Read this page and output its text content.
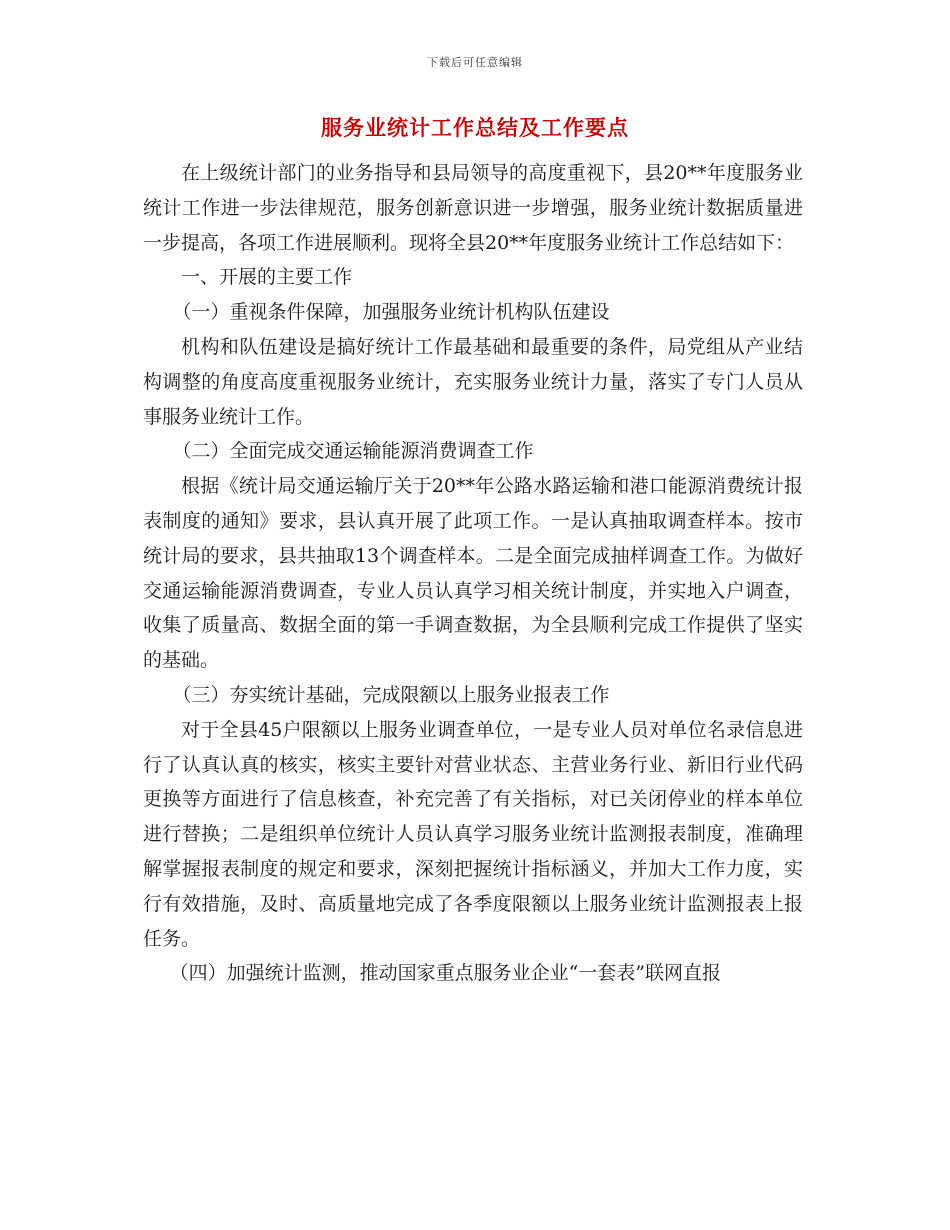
下载后可任意编辑
服务业统计工作总结及工作要点

在上级统计部门的业务指导和县局领导的高度重视下，县20**年度服务业统计工作进一步法律规范，服务创新意识进一步增强，服务业统计数据质量进一步提高，各项工作进展顺利。现将全县20**年度服务业统计工作总结如下：

一、开展的主要工作

（一）重视条件保障，加强服务业统计机构队伍建设

机构和队伍建设是搞好统计工作最基础和最重要的条件，局党组从产业结构调整的角度高度重视服务业统计，充实服务业统计力量，落实了专门人员从事服务业统计工作。

（二）全面完成交通运输能源消费调查工作

根据《统计局交通运输厅关于20**年公路水路运输和港口能源消费统计报表制度的通知》要求，县认真开展了此项工作。一是认真抽取调查样本。按市统计局的要求，县共抽取13个调查样本。二是全面完成抽样调查工作。为做好交通运输能源消费调查，专业人员认真学习相关统计制度，并实地入户调查，收集了质量高、数据全面的第一手调查数据，为全县顺利完成工作提供了坚实的基础。

（三）夯实统计基础，完成限额以上服务业报表工作

对于全县45户限额以上服务业调查单位，一是专业人员对单位名录信息进行了认真认真的核实，核实主要针对营业状态、主营业务行业、新旧行业代码更换等方面进行了信息核查，补充完善了有关指标，对已关闭停业的样本单位进行替换；二是组织单位统计人员认真学习服务业统计监测报表制度，准确理解掌握报表制度的规定和要求，深刻把握统计指标涵义，并加大工作力度，实行有效措施，及时、高质量地完成了各季度限额以上服务业统计监测报表上报任务。

（四）加强统计监测，推动国家重点服务业企业“一套表”联网直报
